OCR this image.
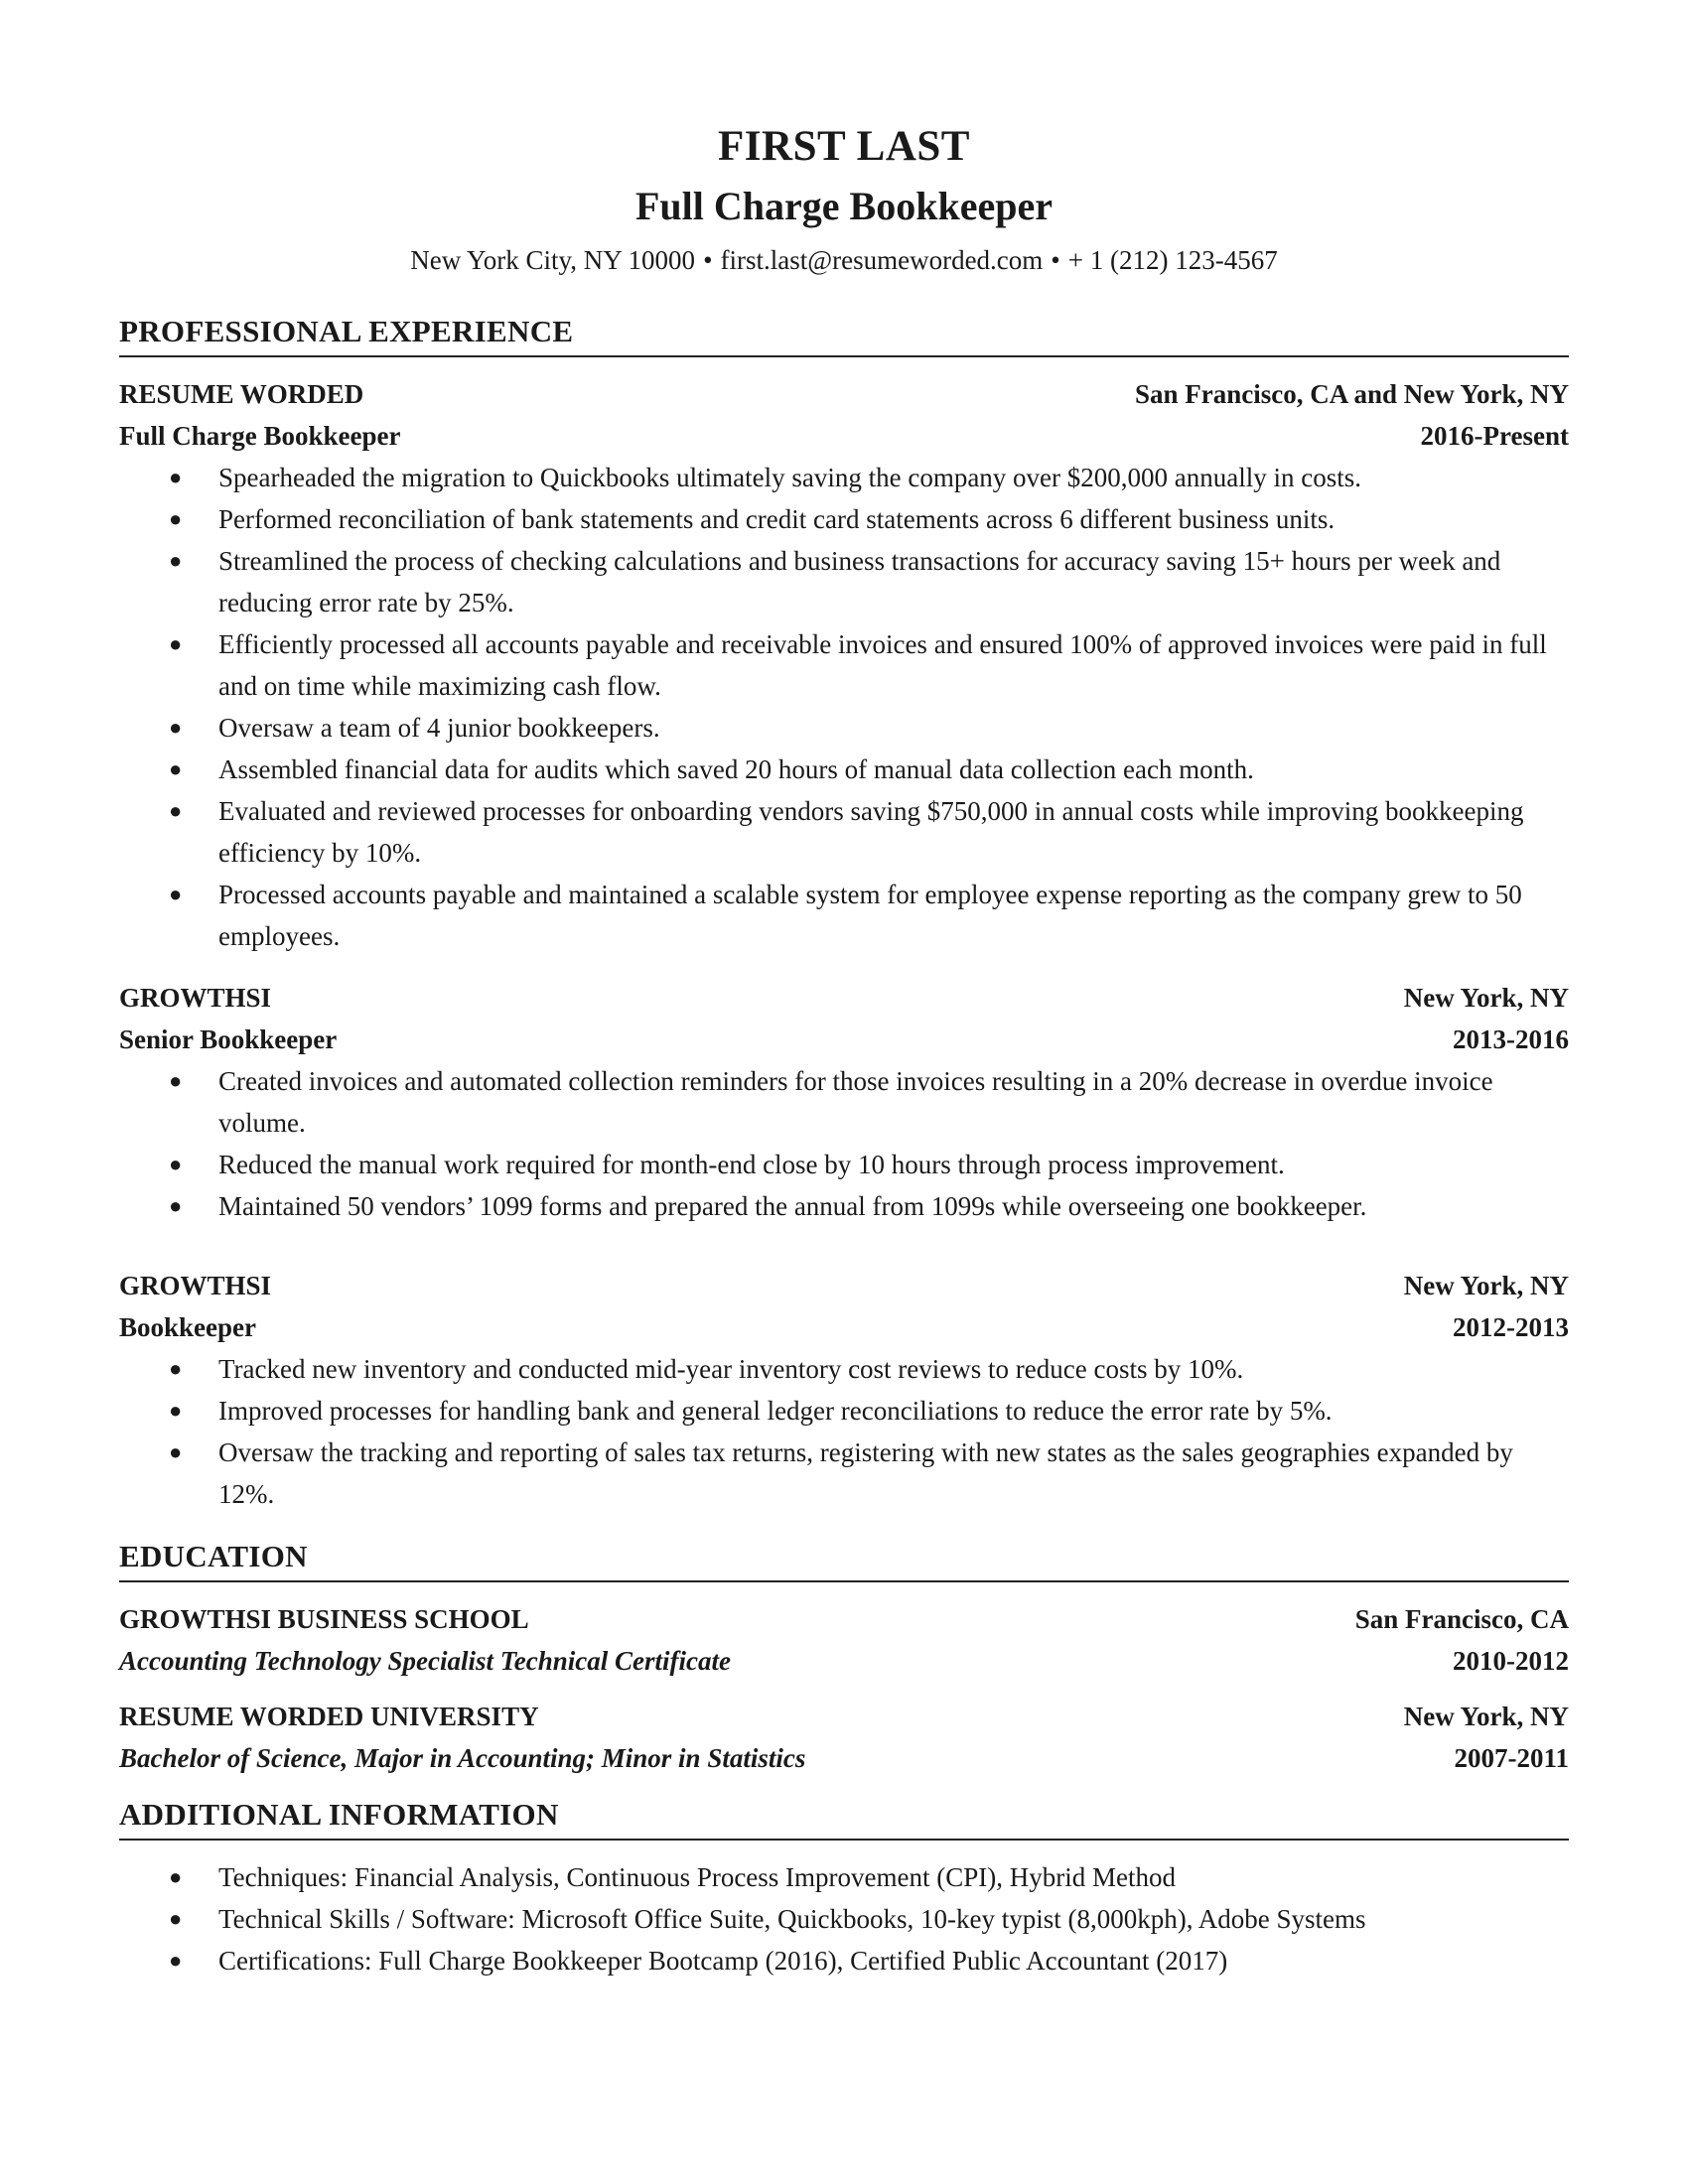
FIRST LAST
Full Charge Bookkeeper
New York City, NY 10000 • first.last@resumeworded.com • + 1 (212) 123-4567
PROFESSIONAL EXPERIENCE
RESUME WORDED	San Francisco, CA and New York, NY
Full Charge Bookkeeper	2016-Present
● Spearheaded the migration to Quickbooks ultimately saving the company over $200,000 annually in costs.
● Performed reconciliation of bank statements and credit card statements across 6 different business units.
● Streamlined the process of checking calculations and business transactions for accuracy saving 15+ hours per week and reducing error rate by 25%.
● Efficiently processed all accounts payable and receivable invoices and ensured 100% of approved invoices were paid in full and on time while maximizing cash flow.
● Oversaw a team of 4 junior bookkeepers.
● Assembled financial data for audits which saved 20 hours of manual data collection each month.
● Evaluated and reviewed processes for onboarding vendors saving $750,000 in annual costs while improving bookkeeping efficiency by 10%.
● Processed accounts payable and maintained a scalable system for employee expense reporting as the company grew to 50 employees.
GROWTHSI	New York, NY
Senior Bookkeeper	2013-2016
● Created invoices and automated collection reminders for those invoices resulting in a 20% decrease in overdue invoice volume.
● Reduced the manual work required for month-end close by 10 hours through process improvement.
● Maintained 50 vendors’ 1099 forms and prepared the annual from 1099s while overseeing one bookkeeper.
GROWTHSI	New York, NY
Bookkeeper	2012-2013
● Tracked new inventory and conducted mid-year inventory cost reviews to reduce costs by 10%.
● Improved processes for handling bank and general ledger reconciliations to reduce the error rate by 5%.
● Oversaw the tracking and reporting of sales tax returns, registering with new states as the sales geographies expanded by 12%.
EDUCATION
GROWTHSI BUSINESS SCHOOL	San Francisco, CA
Accounting Technology Specialist Technical Certificate	2010-2012
RESUME WORDED UNIVERSITY	New York, NY
Bachelor of Science, Major in Accounting; Minor in Statistics	2007-2011
ADDITIONAL INFORMATION
● Techniques: Financial Analysis, Continuous Process Improvement (CPI), Hybrid Method
● Technical Skills / Software: Microsoft Office Suite, Quickbooks, 10-key typist (8,000kph), Adobe Systems
● Certifications: Full Charge Bookkeeper Bootcamp (2016), Certified Public Accountant (2017)
